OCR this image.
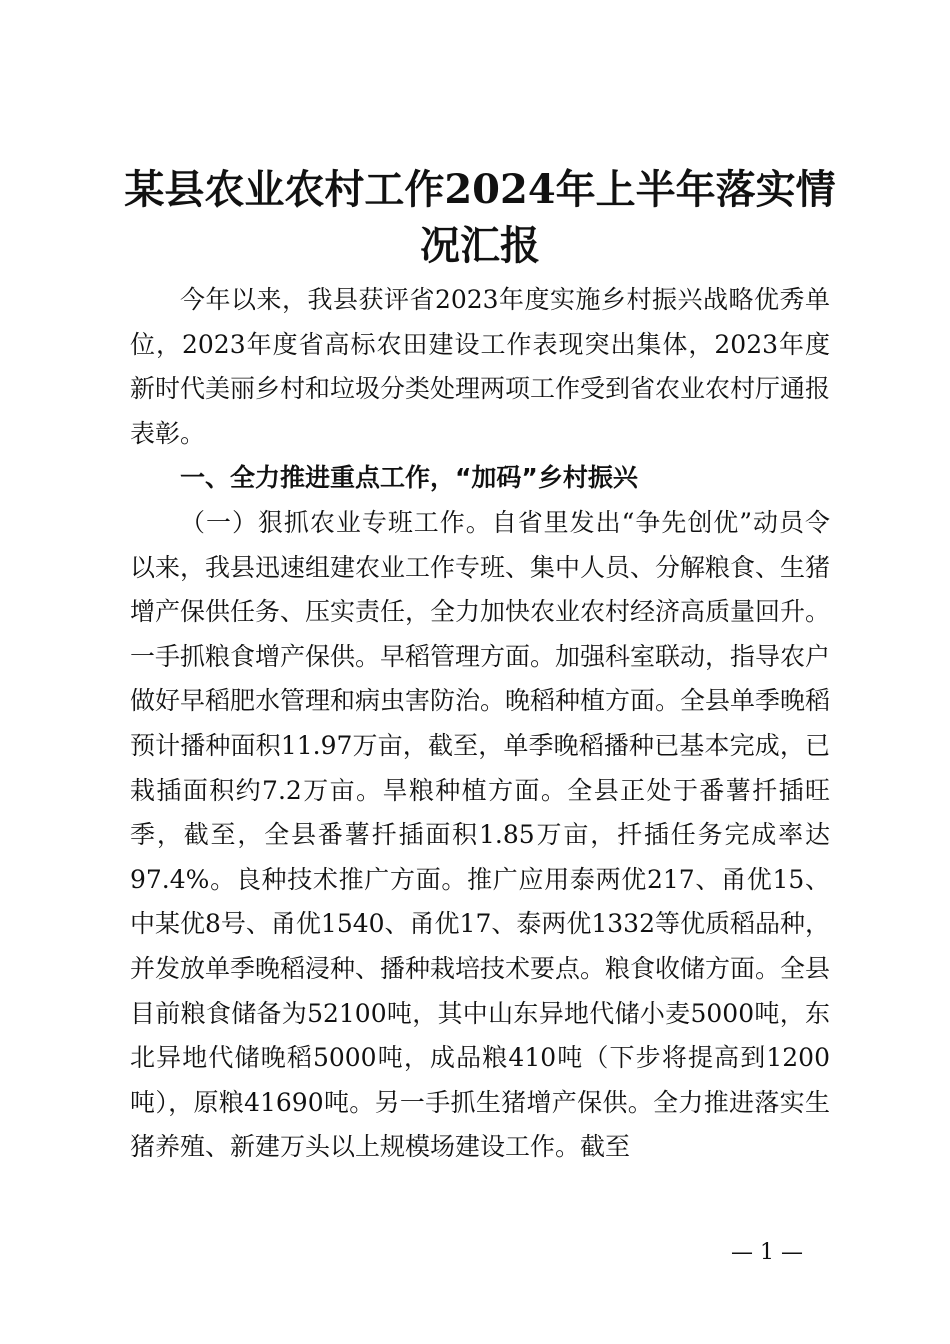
某县农业农村工作2024年上半年落实情况汇报

今年以来，我县获评省2023年度实施乡村振兴战略优秀单位，2023年度省高标农田建设工作表现突出集体，2023年度新时代美丽乡村和垃圾分类处理两项工作受到省农业农村厅通报表彰。

一、全力推进重点工作，“加码”乡村振兴

（一）狠抓农业专班工作。自省里发出“争先创优”动员令以来，我县迅速组建农业工作专班、集中人员、分解粮食、生猪增产保供任务、压实责任，全力加快农业农村经济高质量回升。一手抓粮食增产保供。早稻管理方面。加强科室联动，指导农户做好早稻肥水管理和病虫害防治。晚稻种植方面。全县单季晚稻预计播种面积11.97万亩，截至，单季晚稻播种已基本完成，已栽插面积约7.2万亩。旱粮种植方面。全县正处于番薯扦插旺季，截至，全县番薯扦插面积1.85万亩，扦插任务完成率达97.4%。良种技术推广方面。推广应用泰两优217、甬优15、中某优8号、甬优1540、甬优17、泰两优1332等优质稻品种，并发放单季晚稻浸种、播种栽培技术要点。粮食收储方面。全县目前粮食储备为52100吨，其中山东异地代储小麦5000吨，东北异地代储晚稻5000吨，成品粮410吨（下步将提高到1200吨），原粮41690吨。另一手抓生猪增产保供。全力推进落实生猪养殖、新建万头以上规模场建设工作。截至

— 1 —
